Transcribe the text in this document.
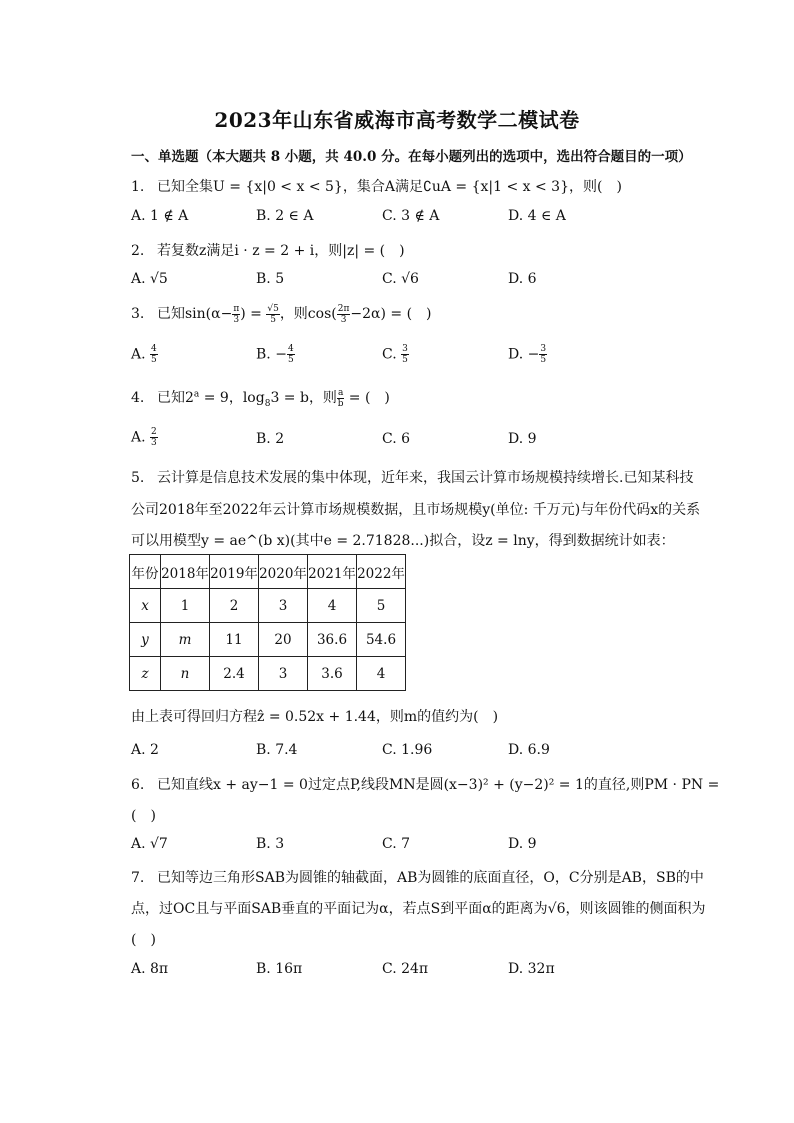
2023年山东省威海市高考数学二模试卷
一、单选题（本大题共 8 小题，共 40.0 分。在每小题列出的选项中，选出符合题目的一项）
1. 已知全集U = {x|0 < x < 5}，集合A满足∁uA = {x|1 < x < 3}，则(　)
A. 1 ∉ A	B. 2 ∈ A	C. 3 ∉ A	D. 4 ∈ A
2. 若复数z满足i · z = 2 + i，则|z| = (　)
A. √5	B. 5	C. √6	D. 6
3. 已知$\sin(\alpha- \frac{\pi}{3}$ ) = $\frac{√5}{5}$ ，则$\cos( \frac{2\pi}{3} -2\alpha)$ = (　)
A. $\frac{4}{5}$	B. − $\frac{4}{5}$	C. $\frac{3}{5}$	D. − $\frac{3}{5}$
4. 已知$2^a = 9$，$\log_83 = b$，则 $\frac{a}{b}$ = (　)
A. $\frac{2}{3}$	B. 2	C. 6	D. 9
5. 云计算是信息技术发展的集中体现，近年来，我国云计算市场规模持续增长.已知某科技
公司2018年至2022年云计算市场规模数据，且市场规模y(单位: 千万元)与年份代码x的关系
可以用模型y = ae^(b x)(其中e = 2.71828...)拟合，设z = lny，得到数据统计如表：
年份	2018年	2019年	2020年	2021年	2022年
x	1	2	3	4	5
y	m	11	20	36.6	54.6
z	n	2.4	3	3.6	4
由上表可得回归方程ẑ = 0.52x + 1.44，则m的值约为(　)
A. 2	B. 7.4	C. 1.96	D. 6.9
6. 已知直线x + ay−1 = 0过定点P,线段MN是圆(x−3)² + (y−2)² = 1的直径,则PM · PN =
(　)
A. √7	B. 3	C. 7	D. 9
7. 已知等边三角形SAB为圆锥的轴截面，AB为圆锥的底面直径，O，C分别是AB，SB的中
点，过OC且与平面SAB垂直的平面记为α，若点S到平面α的距离为√6，则该圆锥的侧面积为
(　)
A. 8π	B. 16π	C. 24π	D. 32π
